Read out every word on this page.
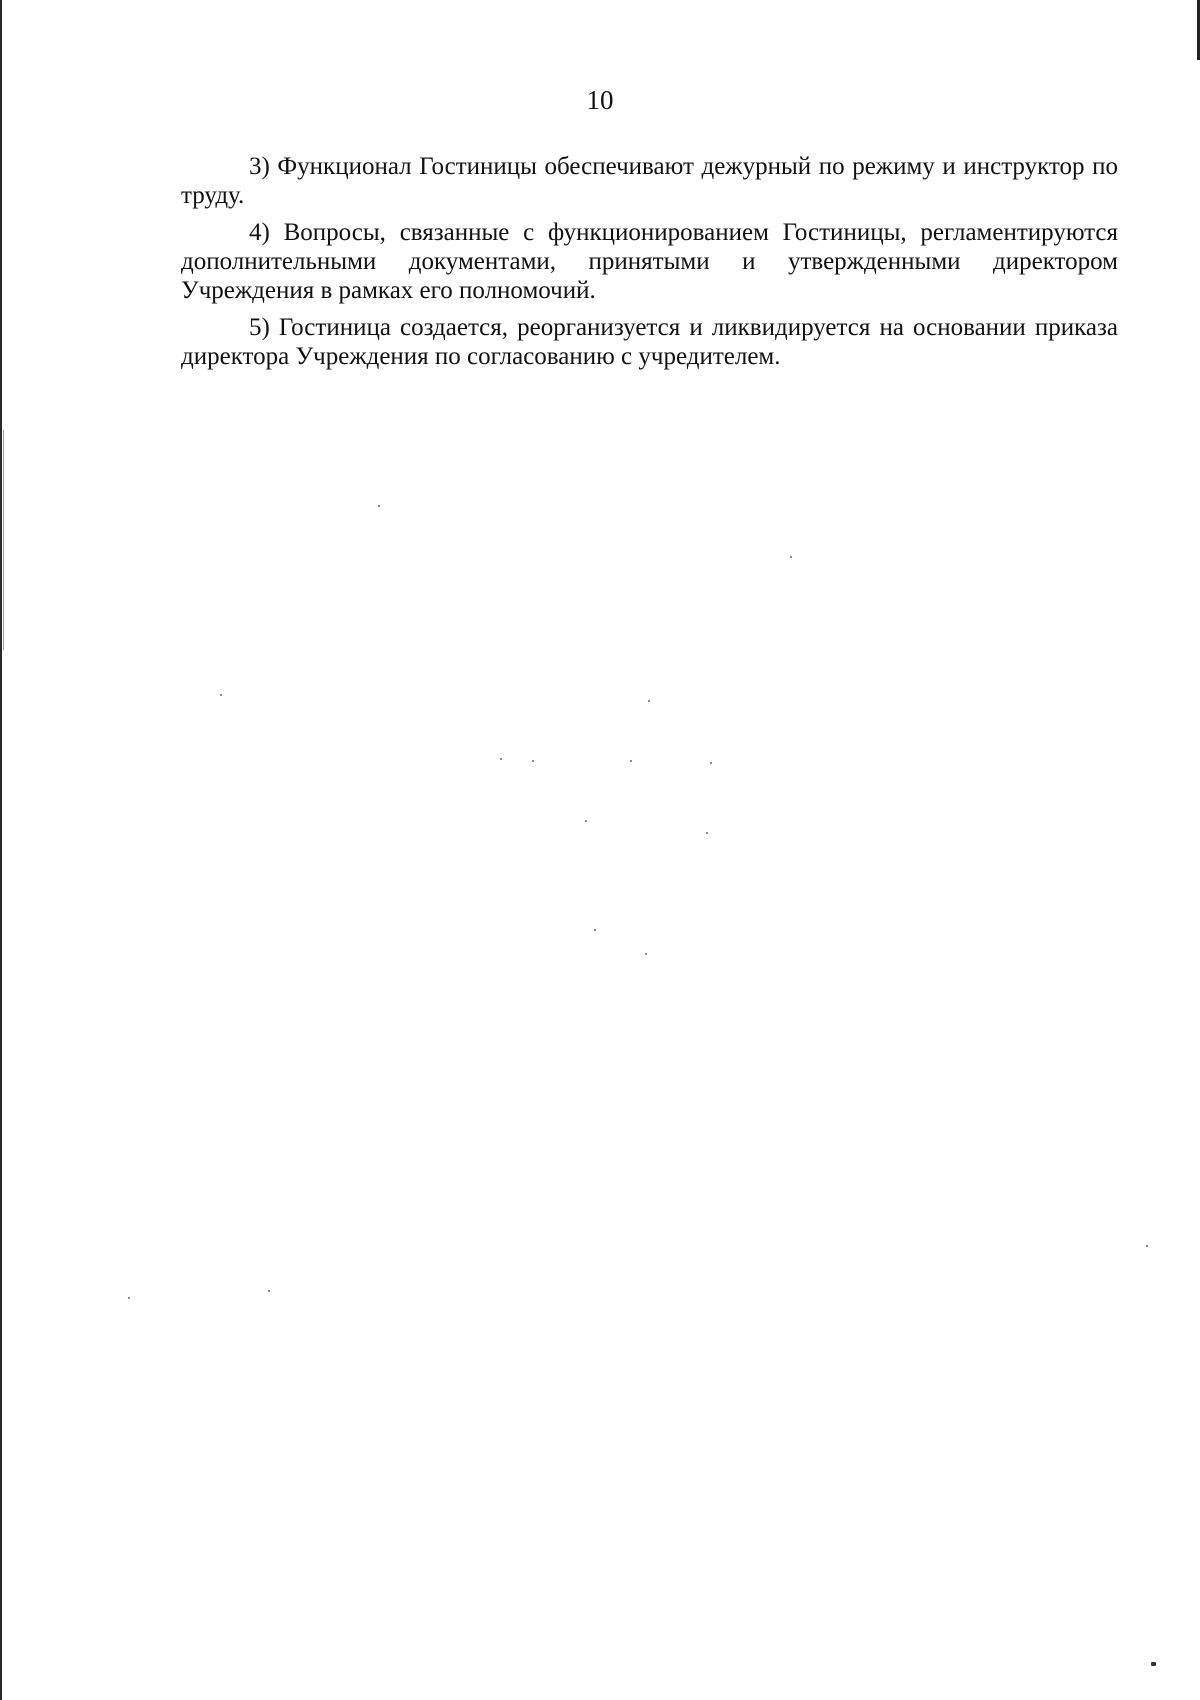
10

3) Функционал Гостиницы обеспечивают дежурный по режиму и инструктор по труду.

4) Вопросы, связанные с функционированием Гостиницы, регламентируются дополнительными документами, принятыми и утвержденными директором Учреждения в рамках его полномочий.

5) Гостиница создается, реорганизуется и ликвидируется на основании приказа директора Учреждения по согласованию с учредителем.
